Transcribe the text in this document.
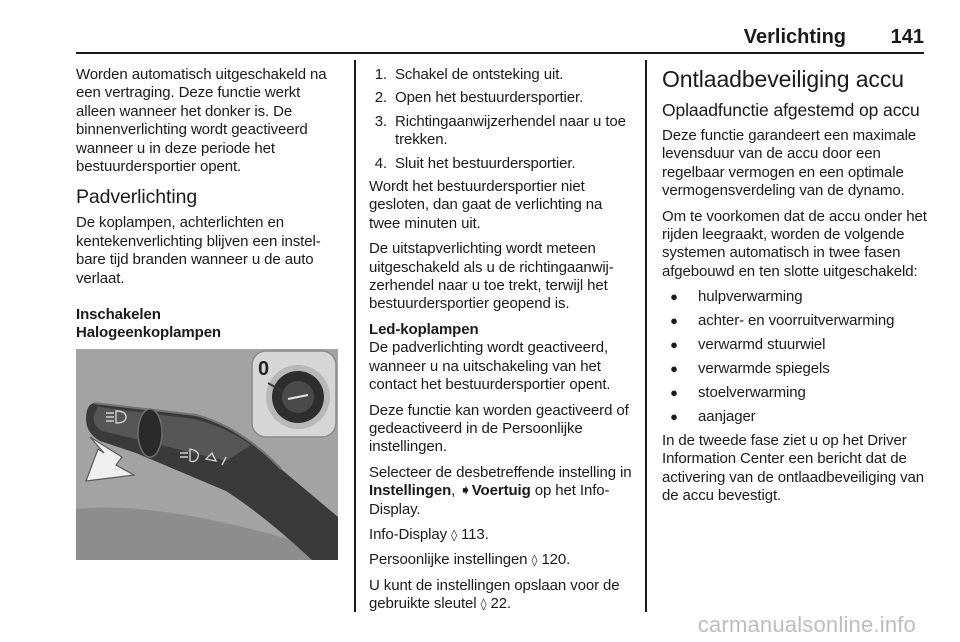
Verlichting 141

Worden automatisch uitgeschakeld na een vertraging. Deze functie werkt alleen wanneer het donker is. De binnenverlichting wordt geactiveerd wanneer u in deze periode het bestuurdersportier opent.

Padverlichting

De koplampen, achterlichten en kentekenverlichting blijven een instelbare tijd branden wanneer u de auto verlaat.

Inschakelen
Halogeenkoplampen
0
1. Schakel de ontsteking uit.
2. Open het bestuurdersportier.
3. Richtingaanwijzerhendel naar u toe trekken.
4. Sluit het bestuurdersportier.

Wordt het bestuurdersportier niet gesloten, dan gaat de verlichting na twee minuten uit.

De uitstapverlichting wordt meteen uitgeschakeld als u de richtingaanwijzerhendel naar u toe trekt, terwijl het bestuurdersportier geopend is.

Led-koplampen

De padverlichting wordt geactiveerd, wanneer u na uitschakeling van het contact het bestuurdersportier opent.

Deze functie kan worden geactiveerd of gedeactiveerd in de Persoonlijke instellingen.

Selecteer de desbetreffende instelling in Instellingen, ➧Voertuig op het Info-Display.

Info-Display ◊ 113.

Persoonlijke instellingen ◊ 120.

U kunt de instellingen opslaan voor de gebruikte sleutel ◊ 22.

Ontlaadbeveiliging accu
Oplaadfunctie afgestemd op accu

Deze functie garandeert een maximale levensduur van de accu door een regelbaar vermogen en een optimale vermogensverdeling van de dynamo.

Om te voorkomen dat de accu onder het rijden leegraakt, worden de volgende systemen automatisch in twee fasen afgebouwd en ten slotte uitgeschakeld:

●	hulpverwarming
●	achter- en voorruitverwarming
●	verwarmd stuurwiel
●	verwarmde spiegels
●	stoelverwarming
●	aanjager

In de tweede fase ziet u op het Driver Information Center een bericht dat de activering van de ontlaadbeveiliging van de accu bevestigt.

carmanualsonline.info
